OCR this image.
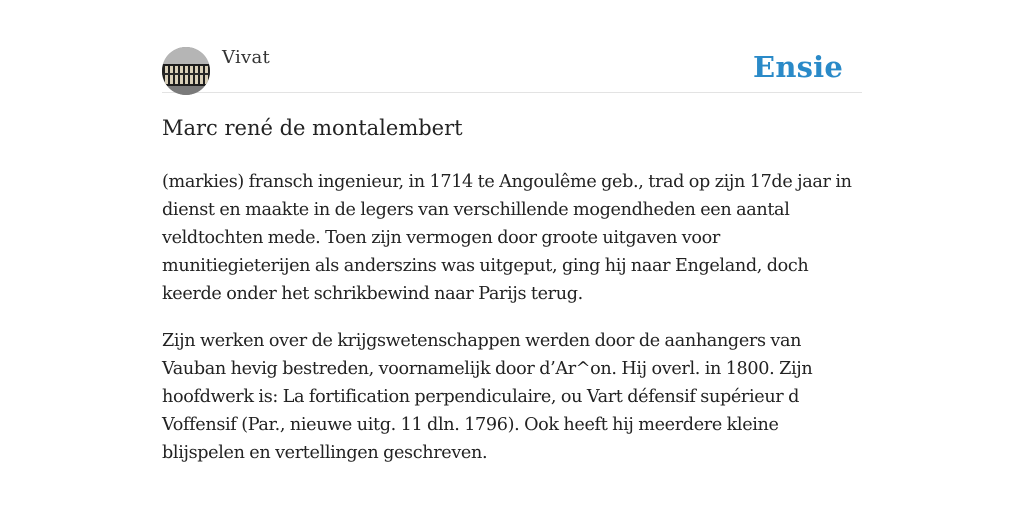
Vivat	Ensie
Marc rené de montalembert

(markies) fransch ingenieur, in 1714 te Angoulême geb., trad op zijn 17de jaar in dienst en maakte in de legers van verschillende mogendheden een aantal veldtochten mede. Toen zijn vermogen door groote uitgaven voor munitiegieterijen als anderszins was uitgeput, ging hij naar Engeland, doch keerde onder het schrikbewind naar Parijs terug.

Zijn werken over de krijgswetenschappen werden door de aanhangers van Vauban hevig bestreden, voornamelijk door d’Ar^on. Hij overl. in 1800. Zijn hoofdwerk is: La fortification perpendiculaire, ou Vart défensif supérieur d Voffensif (Par., nieuwe uitg. 11 dln. 1796). Ook heeft hij meerdere kleine blijspelen en vertellingen geschreven.
